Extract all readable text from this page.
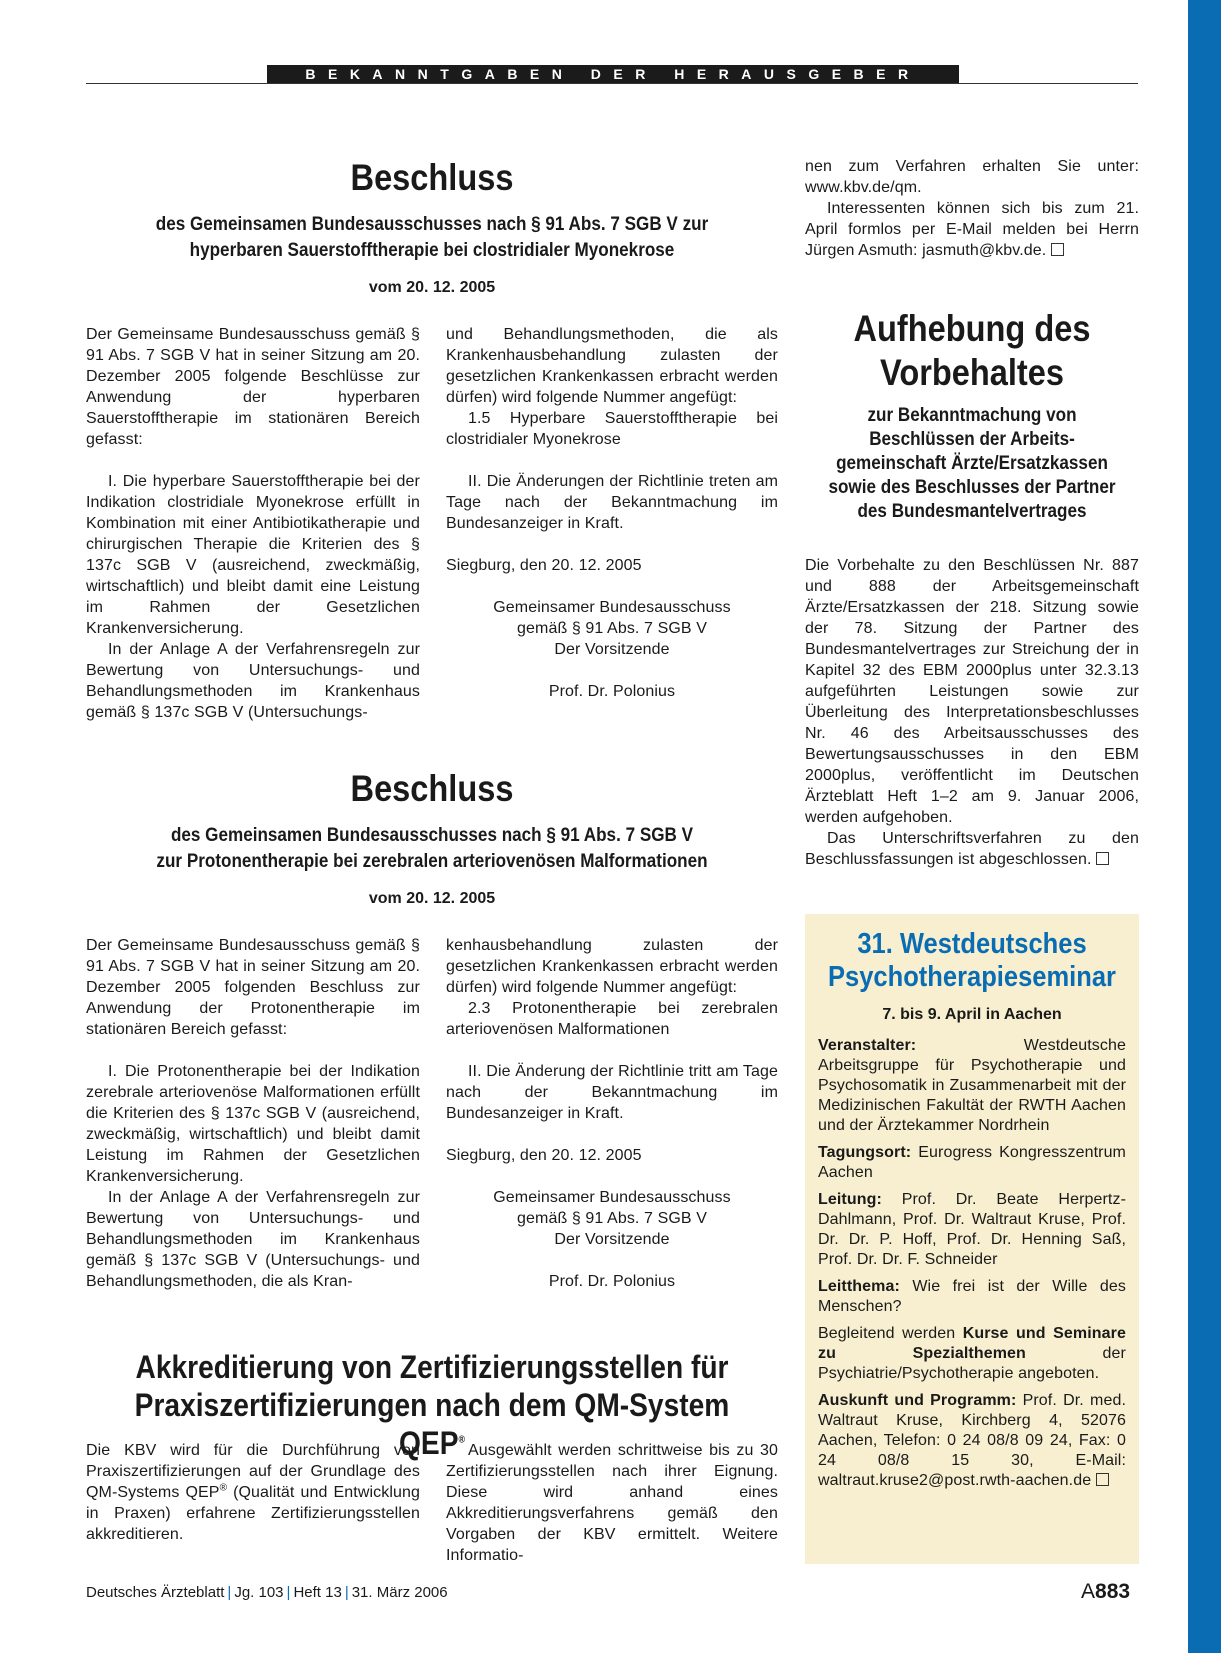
BEKANNTGABEN DER HERAUSGEBER
Beschluss
des Gemeinsamen Bundesausschusses nach § 91 Abs. 7 SGB V zur
hyperbaren Sauerstofftherapie bei clostridialer Myonekrose
vom 20. 12. 2005

Der Gemeinsame Bundesausschuss gemäß § 91 Abs. 7 SGB V hat in seiner Sitzung am 20. Dezember 2005 folgende Beschlüsse zur Anwendung der hyperbaren Sauerstofftherapie im stationären Bereich gefasst:

I. Die hyperbare Sauerstofftherapie bei der Indikation clostridiale Myonekrose erfüllt in Kombination mit einer Antibiotikatherapie und chirurgischen Therapie die Kriterien des § 137c SGB V (ausreichend, zweckmäßig, wirtschaftlich) und bleibt damit eine Leistung im Rahmen der Gesetzlichen Krankenversicherung.

In der Anlage A der Verfahrensregeln zur Bewertung von Untersuchungs- und Behandlungsmethoden im Krankenhaus gemäß § 137c SGB V (Untersuchungs-

und Behandlungsmethoden, die als Krankenhausbehandlung zulasten der gesetzlichen Krankenkassen erbracht werden dürfen) wird folgende Nummer angefügt:

1.5 Hyperbare Sauerstofftherapie bei clostridialer Myonekrose

II. Die Änderungen der Richtlinie treten am Tage nach der Bekanntmachung im Bundesanzeiger in Kraft.

Siegburg, den 20. 12. 2005

Gemeinsamer Bundesausschuss

gemäß § 91 Abs. 7 SGB V

Der Vorsitzende

Prof. Dr. Polonius

Beschluss
des Gemeinsamen Bundesausschusses nach § 91 Abs. 7 SGB V
zur Protonentherapie bei zerebralen arteriovenösen Malformationen
vom 20. 12. 2005

Der Gemeinsame Bundesausschuss gemäß § 91 Abs. 7 SGB V hat in seiner Sitzung am 20. Dezember 2005 folgenden Beschluss zur Anwendung der Protonentherapie im stationären Bereich gefasst:

I. Die Protonentherapie bei der Indikation zerebrale arteriovenöse Malformationen erfüllt die Kriterien des § 137c SGB V (ausreichend, zweckmäßig, wirtschaftlich) und bleibt damit Leistung im Rahmen der Gesetzlichen Krankenversicherung.

In der Anlage A der Verfahrensregeln zur Bewertung von Untersuchungs- und Behandlungsmethoden im Krankenhaus gemäß § 137c SGB V (Untersuchungs- und Behandlungsmethoden, die als Kran-

kenhausbehandlung zulasten der gesetzlichen Krankenkassen erbracht werden dürfen) wird folgende Nummer angefügt:

2.3 Protonentherapie bei zerebralen arteriovenösen Malformationen

II. Die Änderung der Richtlinie tritt am Tage nach der Bekanntmachung im Bundesanzeiger in Kraft.

Siegburg, den 20. 12. 2005

Gemeinsamer Bundesausschuss

gemäß § 91 Abs. 7 SGB V

Der Vorsitzende

Prof. Dr. Polonius

Akkreditierung von Zertifizierungsstellen für
Praxiszertifizierungen nach dem QM-System QEP®

Die KBV wird für die Durchführung von Praxiszertifizierungen auf der Grundlage des QM-Systems QEP® (Qualität und Entwicklung in Praxen) erfahrene Zertifizierungsstellen akkreditieren.

Ausgewählt werden schrittweise bis zu 30 Zertifizierungsstellen nach ihrer Eignung. Diese wird anhand eines Akkreditierungsverfahrens gemäß den Vorgaben der KBV ermittelt. Weitere Informatio-

nen zum Verfahren erhalten Sie unter: www.kbv.de/qm.

Interessenten können sich bis zum 21. April formlos per E-Mail melden bei Herrn Jürgen Asmuth: jasmuth@kbv.de.

Aufhebung des
Vorbehaltes
zur Bekanntmachung von
Beschlüssen der Arbeits-
gemeinschaft Ärzte/Ersatzkassen
sowie des Beschlusses der Partner
des Bundesmantelvertrages

Die Vorbehalte zu den Beschlüssen Nr. 887 und 888 der Arbeitsgemeinschaft Ärzte/Ersatzkassen der 218. Sitzung sowie der 78. Sitzung der Partner des Bundesmantelvertrages zur Streichung der in Kapitel 32 des EBM 2000plus unter 32.3.13 aufgeführten Leistungen sowie zur Überleitung des Interpretationsbeschlusses Nr. 46 des Arbeitsausschusses des Bewertungsausschusses in den EBM 2000plus, veröffentlicht im Deutschen Ärzteblatt Heft 1–2 am 9. Januar 2006, werden aufgehoben.

Das Unterschriftsverfahren zu den Beschlussfassungen ist abgeschlossen.

31. Westdeutsches
Psychotherapieseminar
7. bis 9. April in Aachen

Veranstalter: Westdeutsche Arbeitsgruppe für Psychotherapie und Psychosomatik in Zusammenarbeit mit der Medizinischen Fakultät der RWTH Aachen und der Ärztekammer Nordrhein

Tagungsort: Eurogress Kongresszentrum Aachen

Leitung: Prof. Dr. Beate Herpertz-Dahlmann, Prof. Dr. Waltraut Kruse, Prof. Dr. Dr. P. Hoff, Prof. Dr. Henning Saß, Prof. Dr. Dr. F. Schneider

Leitthema: Wie frei ist der Wille des Menschen?

Begleitend werden Kurse und Seminare zu Spezialthemen der Psychiatrie/Psychotherapie angeboten.

Auskunft und Programm: Prof. Dr. med. Waltraut Kruse, Kirchberg 4, 52076 Aachen, Telefon: 0 24 08/8 09 24, Fax: 0 24 08/8 15 30, E-Mail: waltraut.kruse2@post.rwth-aachen.de

Deutsches Ärzteblatt | Jg. 103 | Heft 13 | 31. März 2006	A883
